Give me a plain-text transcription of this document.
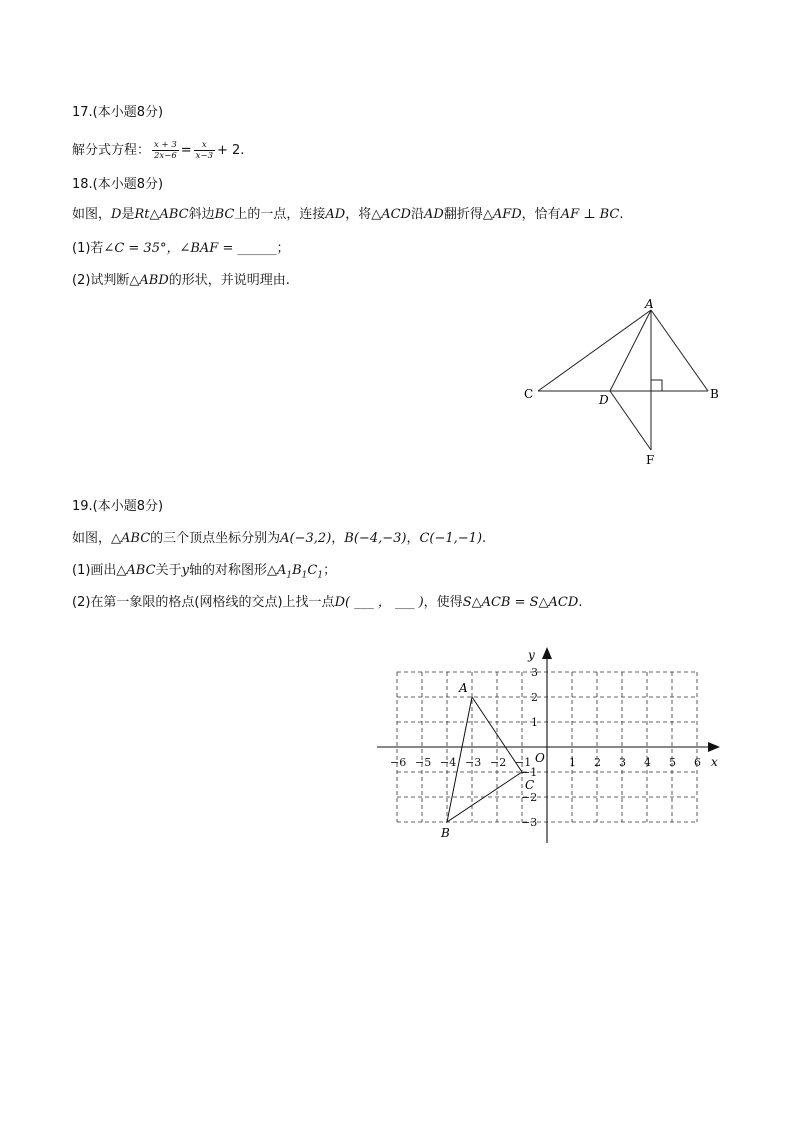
17.(本小题8分)
解分式方程： $\frac{x + 3}{2x-6} = \frac{x}{x-3} + 2$.
18.(本小题8分)
如图，D是Rt△ABC斜边BC上的一点，连接AD，将△ACD沿AD翻折得△AFD，恰有AF ⊥ BC.
(1)若∠C = 35°，∠BAF = ______；
(2)试判断△ABD的形状，并说明理由.
A
B
C	D
F
19.(本小题8分)
如图，△ABC的三个顶点坐标分别为A(−3,2)，B(−4,−3)，C(−1,−1).
(1)画出△ABC关于y轴的对称图形$\triangle A_1B_1C_1$；
(2)在第一象限的格点(网格线的交点)上找一点D( ___ ， ___ )，使得S△ACB = S△ACD.
−6 −5 −4 −3 −2 −1	1 2 3 4 5 6
3
2
1
−1
−2
−3
x
y
O
A
B
C
